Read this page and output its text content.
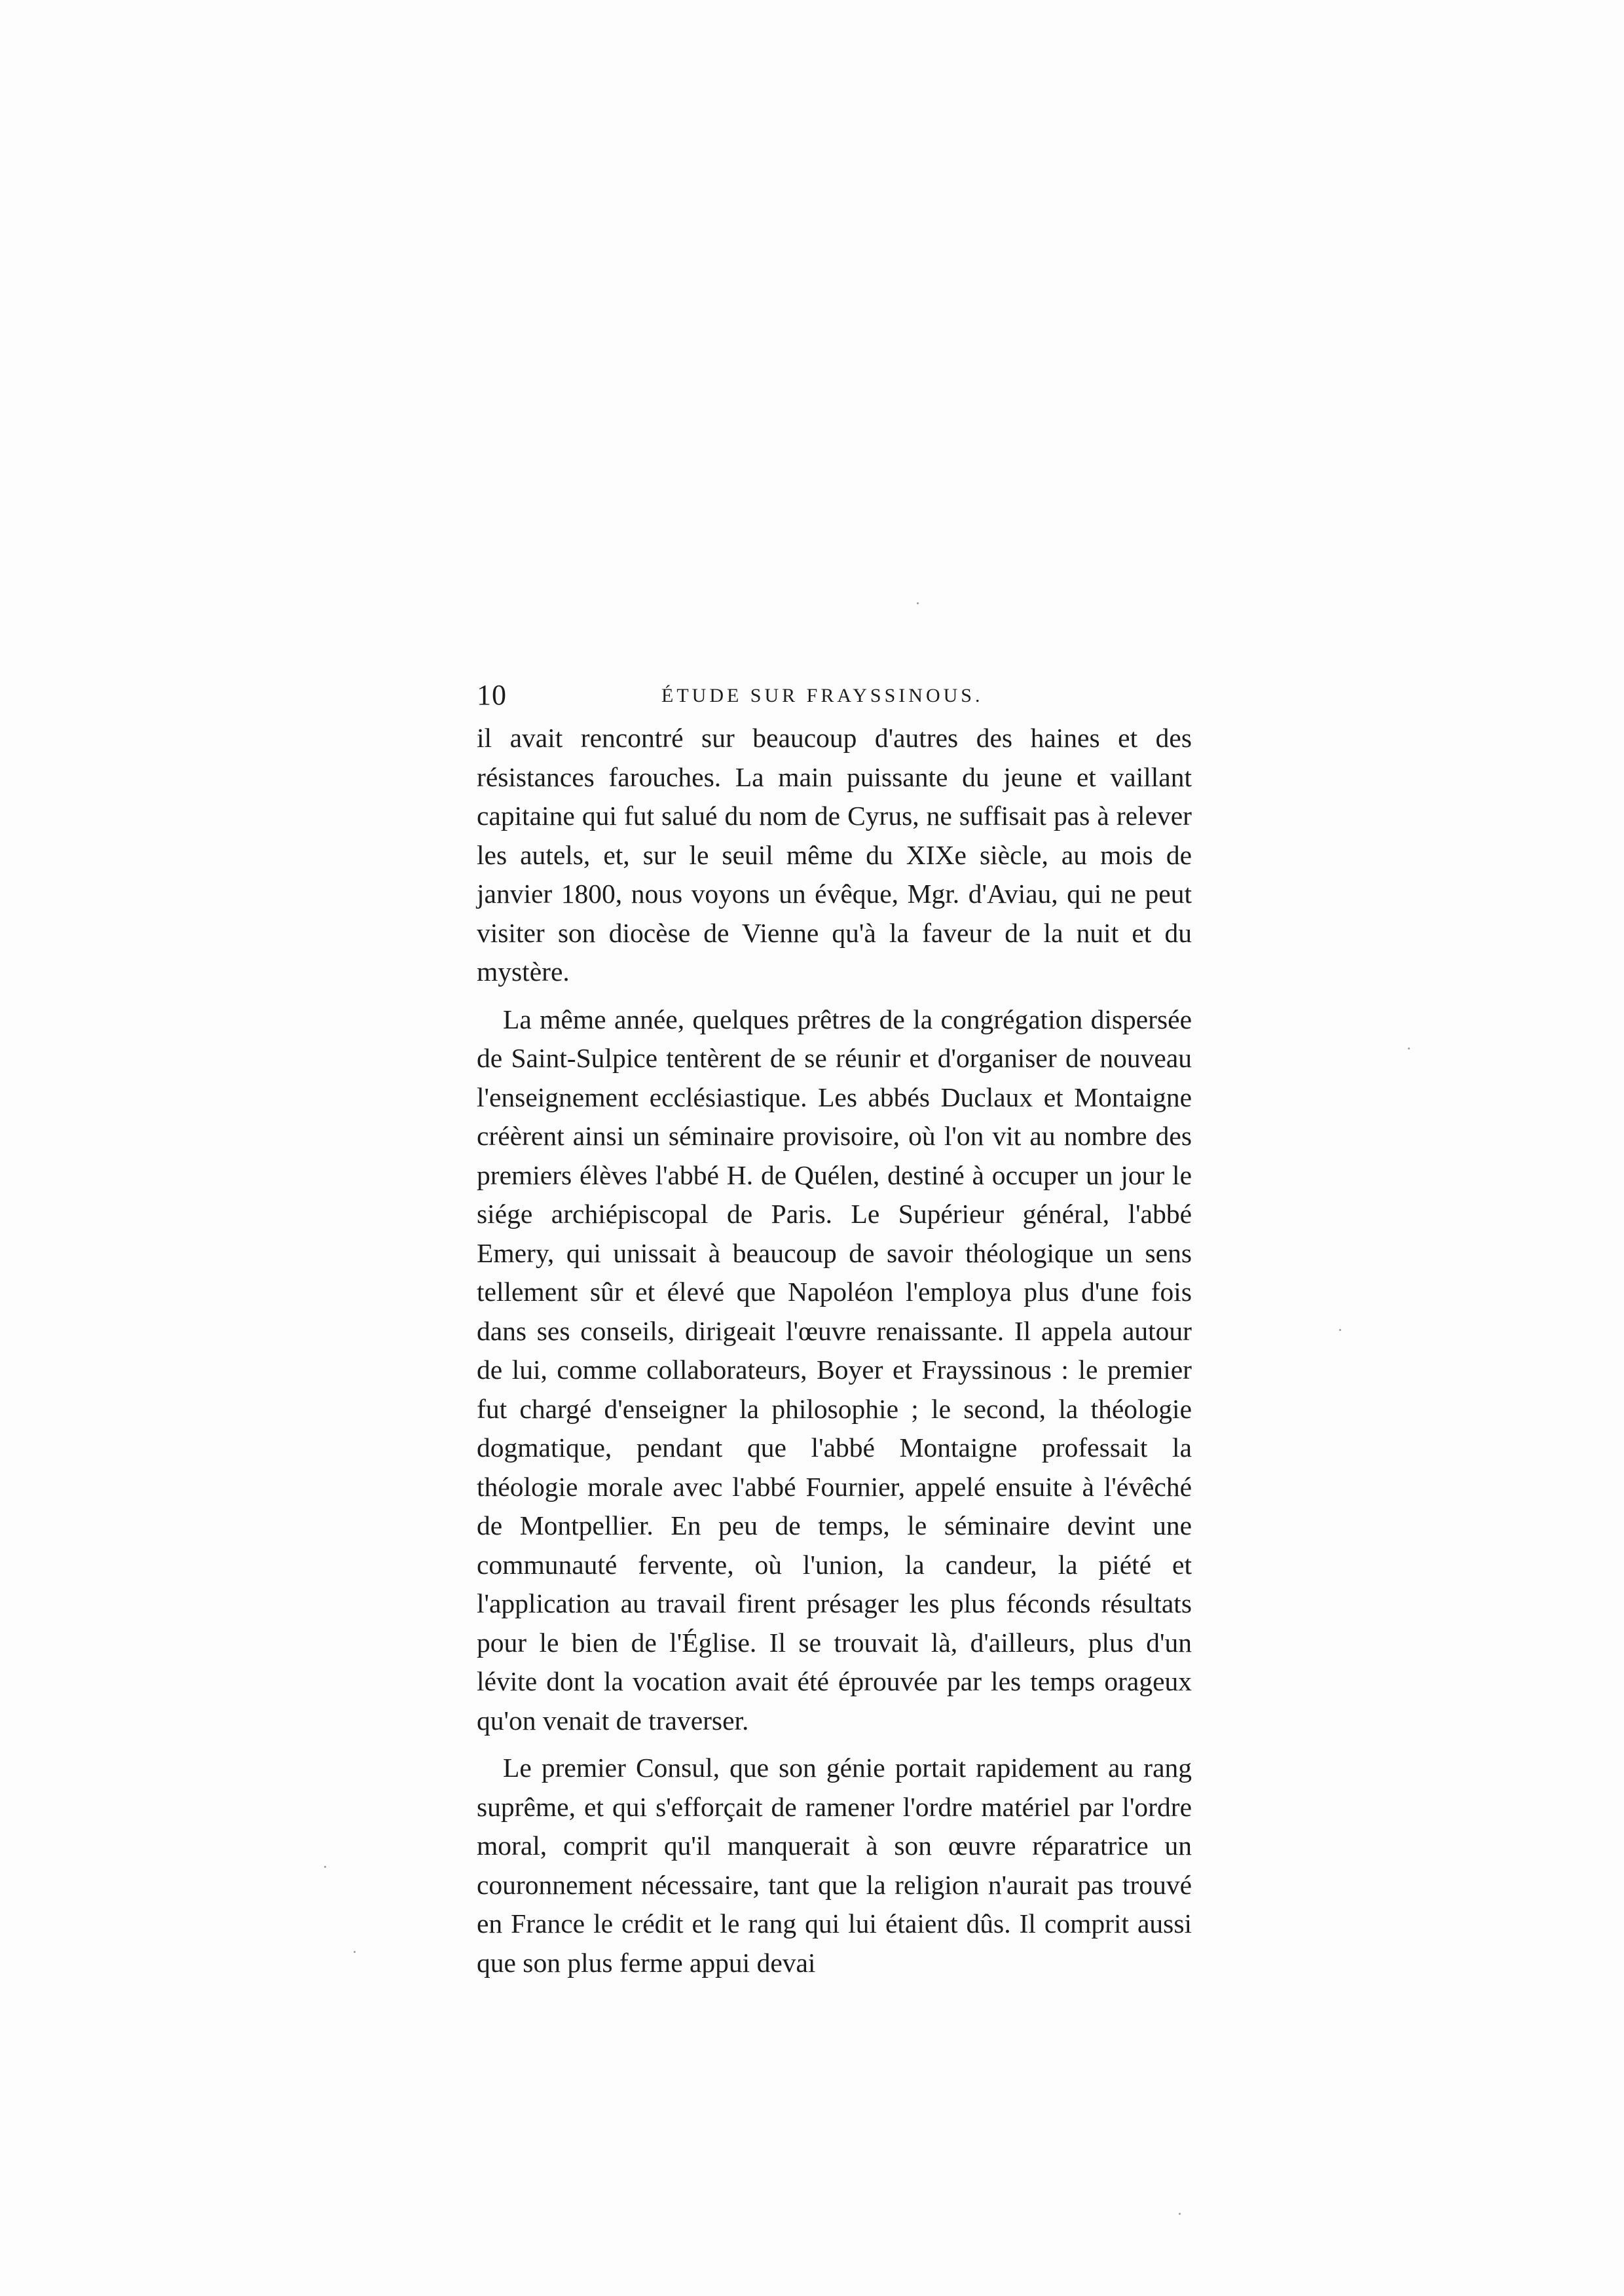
10	ÉTUDE SUR FRAYSSINOUS.

il avait rencontré sur beaucoup d'autres des haines et des résistances farouches. La main puissante du jeune et vaillant capitaine qui fut salué du nom de Cyrus, ne suffisait pas à relever les autels, et, sur le seuil même du XIXe siècle, au mois de janvier 1800, nous voyons un évêque, Mgr. d'Aviau, qui ne peut visiter son diocèse de Vienne qu'à la faveur de la nuit et du mystère.

La même année, quelques prêtres de la congrégation dispersée de Saint-Sulpice tentèrent de se réunir et d'organiser de nouveau l'enseignement ecclésiastique. Les abbés Duclaux et Montaigne créèrent ainsi un séminaire provisoire, où l'on vit au nombre des premiers élèves l'abbé H. de Quélen, destiné à occuper un jour le siége archiépiscopal de Paris. Le Supérieur général, l'abbé Emery, qui unissait à beaucoup de savoir théologique un sens tellement sûr et élevé que Napoléon l'employa plus d'une fois dans ses conseils, dirigeait l'œuvre renaissante. Il appela autour de lui, comme collaborateurs, Boyer et Frayssinous : le premier fut chargé d'enseigner la philosophie ; le second, la théologie dogmatique, pendant que l'abbé Montaigne professait la théologie morale avec l'abbé Fournier, appelé ensuite à l'évêché de Montpellier. En peu de temps, le séminaire devint une communauté fervente, où l'union, la candeur, la piété et l'application au travail firent présager les plus féconds résultats pour le bien de l'Église. Il se trouvait là, d'ailleurs, plus d'un lévite dont la vocation avait été éprouvée par les temps orageux qu'on venait de traverser.

Le premier Consul, que son génie portait rapidement au rang suprême, et qui s'efforçait de ramener l'ordre matériel par l'ordre moral, comprit qu'il manquerait à son œuvre réparatrice un couronnement nécessaire, tant que la religion n'aurait pas trouvé en France le crédit et le rang qui lui étaient dûs. Il comprit aussi que son plus ferme appui devai
